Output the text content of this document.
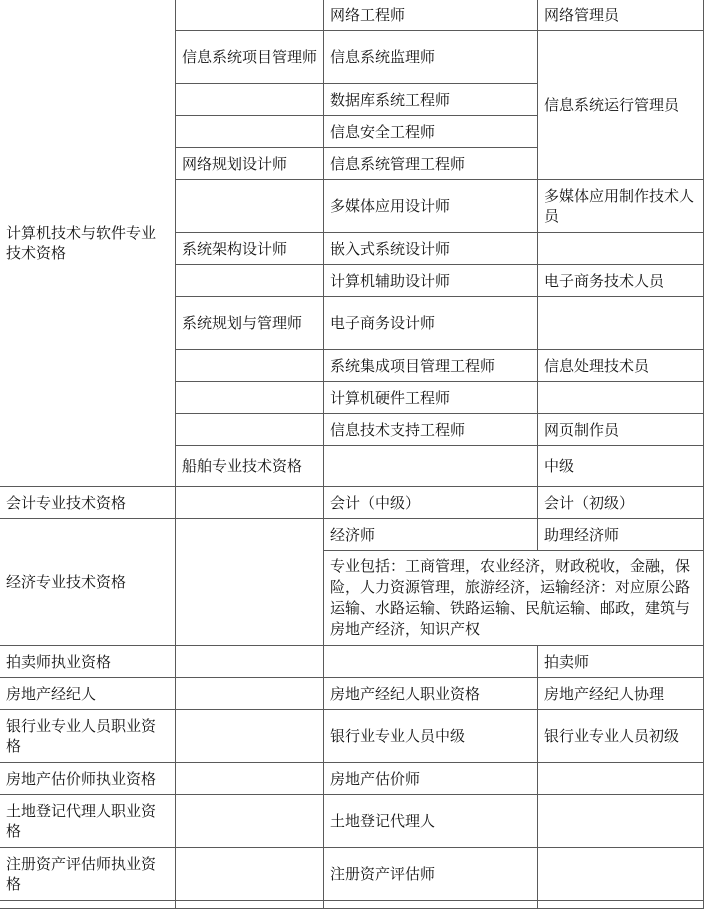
计算机技术与软件专业技术资格		网络工程师	网络管理员	
	信息系统项目管理师	信息系统监理师	信息系统运行管理员	
		数据库系统工程师		
		信息安全工程师		
	网络规划设计师	信息系统管理工程师		
		多媒体应用设计师	多媒体应用制作技术人员	
	系统架构设计师	嵌入式系统设计师		
		计算机辅助设计师	电子商务技术人员	
	系统规划与管理师	电子商务设计师		
		系统集成项目管理工程师	信息处理技术员	
		计算机硬件工程师		
		信息技术支持工程师	网页制作员	
	船舶专业技术资格		中级	
会计专业技术资格		会计（中级）	会计（初级）	
经济专业技术资格		经济师	助理经济师	
		专业包括：工商管理，农业经济，财政税收，金融，保险，人力资源管理，旅游经济，运输经济：对应原公路运输、水路运输、铁路运输、民航运输、邮政，建筑与房地产经济，知识产权		
拍卖师执业资格			拍卖师	
房地产经纪人		房地产经纪人职业资格	房地产经纪人协理	
银行业专业人员职业资格		银行业专业人员中级	银行业专业人员初级	
房地产估价师执业资格		房地产估价师		
土地登记代理人职业资格		土地登记代理人		
注册资产评估师执业资格		注册资产评估师		
